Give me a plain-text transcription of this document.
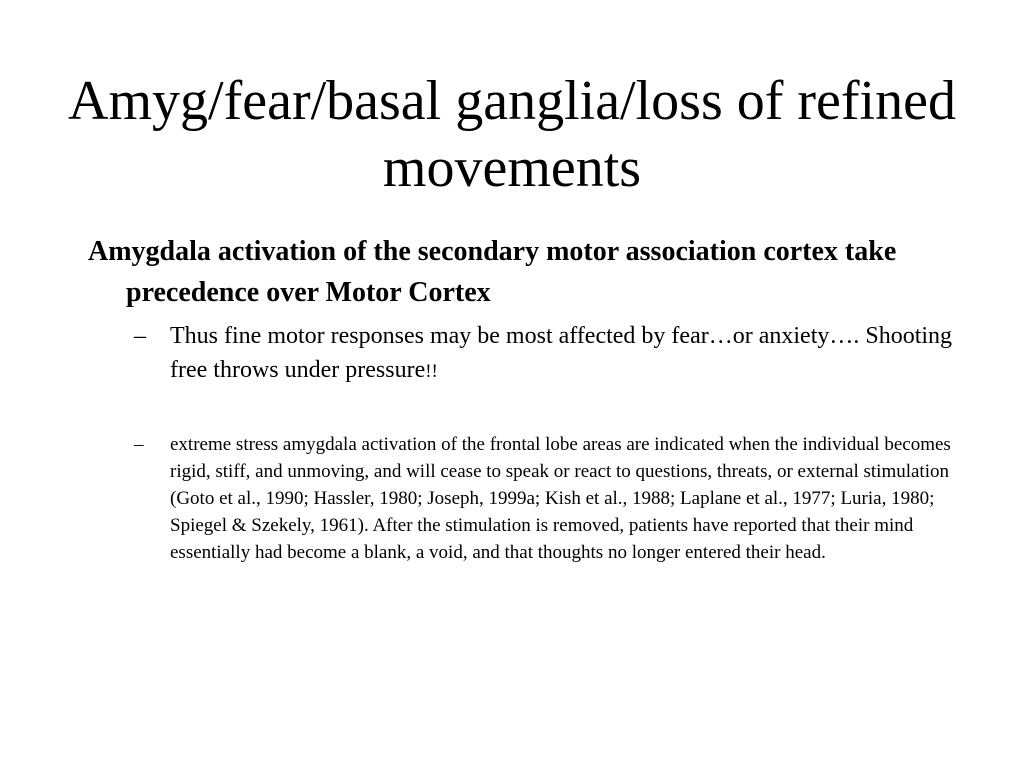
Amyg/fear/basal ganglia/loss of refined movements

Amygdala activation of the secondary motor association cortex take precedence over Motor Cortex

– Thus fine motor responses may be most affected by fear…or anxiety…. Shooting free throws under pressure!!
– extreme stress amygdala activation of the frontal lobe areas are indicated when the individual becomes rigid, stiff, and unmoving, and will cease to speak or react to questions, threats, or external stimulation (Goto et al., 1990; Hassler, 1980; Joseph, 1999a; Kish et al., 1988; Laplane et al., 1977; Luria, 1980; Spiegel & Szekely, 1961). After the stimulation is removed, patients have reported that their mind essentially had become a blank, a void, and that thoughts no longer entered their head.
